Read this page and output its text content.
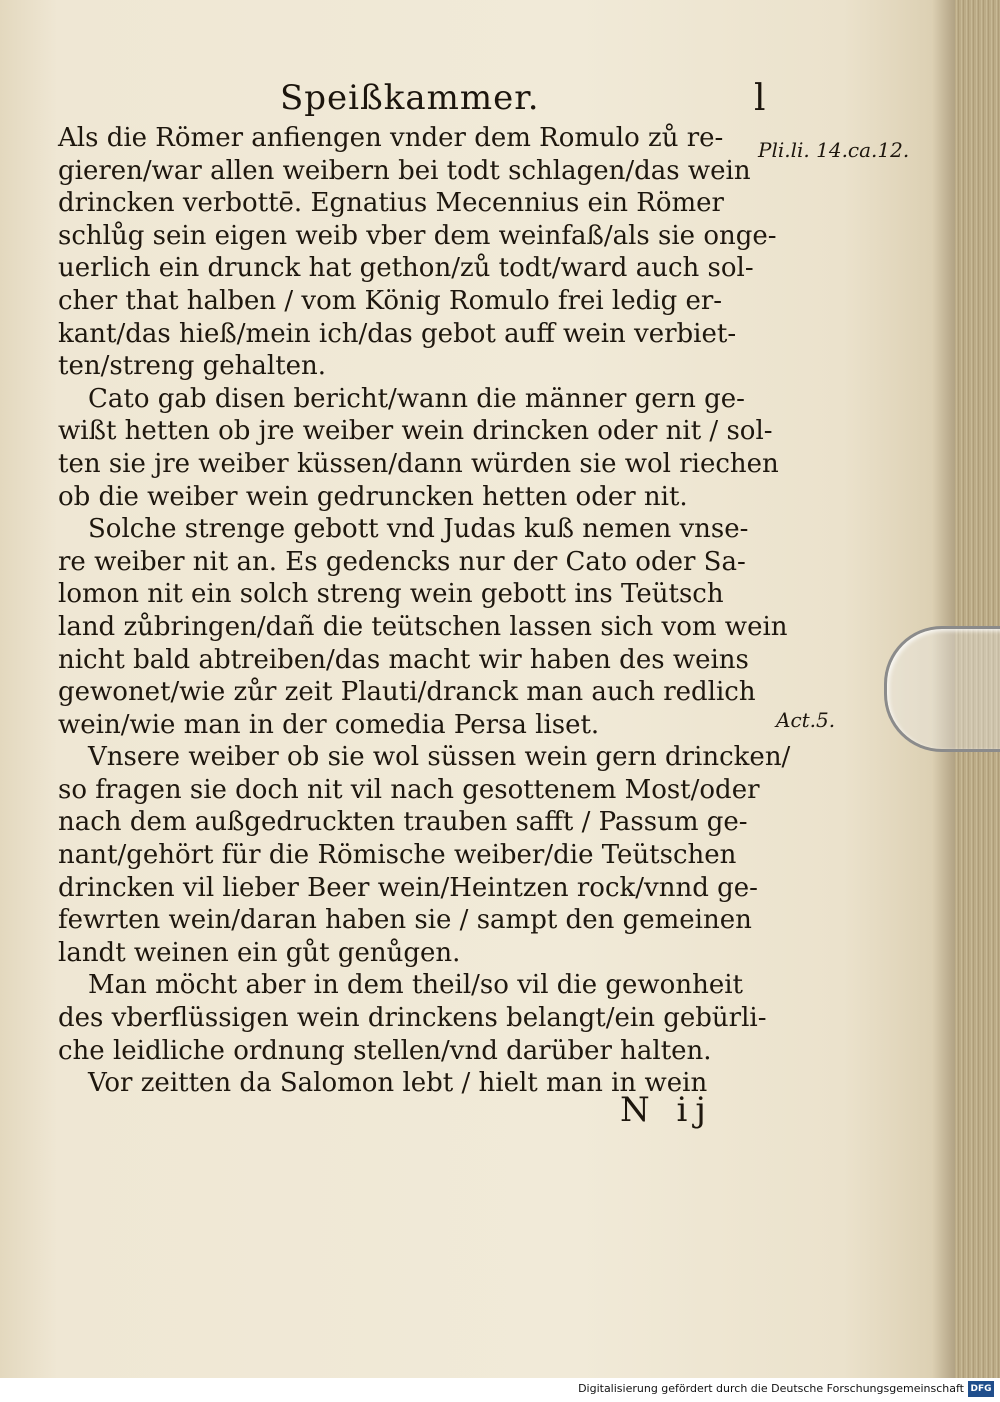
Speißkammer.	l
Als die Römer anfiengen vnder dem Romulo zů re-
gieren/war allen weibern bei todt schlagen/das wein
drincken verbottē. Egnatius Mecennius ein Römer
schlůg sein eigen weib vber dem weinfaß/als sie onge-
uerlich ein drunck hat gethon/zů todt/ward auch sol-
cher that halben / vom König Romulo frei ledig er-
kant/das hieß/mein ich/das gebot auff wein verbiet-
ten/streng gehalten.
Cato gab disen bericht/wann die männer gern ge-
wißt hetten ob jre weiber wein drincken oder nit / sol-
ten sie jre weiber küssen/dann würden sie wol riechen
ob die weiber wein gedruncken hetten oder nit.
Solche strenge gebott vnd Judas kuß nemen vnse-
re weiber nit an. Es gedencks nur der Cato oder Sa-
lomon nit ein solch streng wein gebott ins Teütsch
land zůbringen/dañ die teütschen lassen sich vom wein
nicht bald abtreiben/das macht wir haben des weins
gewonet/wie zůr zeit Plauti/dranck man auch redlich
wein/wie man in der comedia Persa liset.
Vnsere weiber ob sie wol süssen wein gern drincken/
so fragen sie doch nit vil nach gesottenem Most/oder
nach dem außgedruckten trauben safft / Passum ge-
nant/gehört für die Römische weiber/die Teütschen
drincken vil lieber Beer wein/Heintzen rock/vnnd ge-
fewrten wein/daran haben sie / sampt den gemeinen
landt weinen ein gůt genůgen.
Man möcht aber in dem theil/so vil die gewonheit
des vberflüssigen wein drinckens belangt/ein gebürli-
che leidliche ordnung stellen/vnd darüber halten.
Vor zeitten da Salomon lebt / hielt man in wein
Pli.li. 14.ca.12.
Act.5.
N ij
Digitalisierung gefördert durch die Deutsche Forschungsgemeinschaft DFG
